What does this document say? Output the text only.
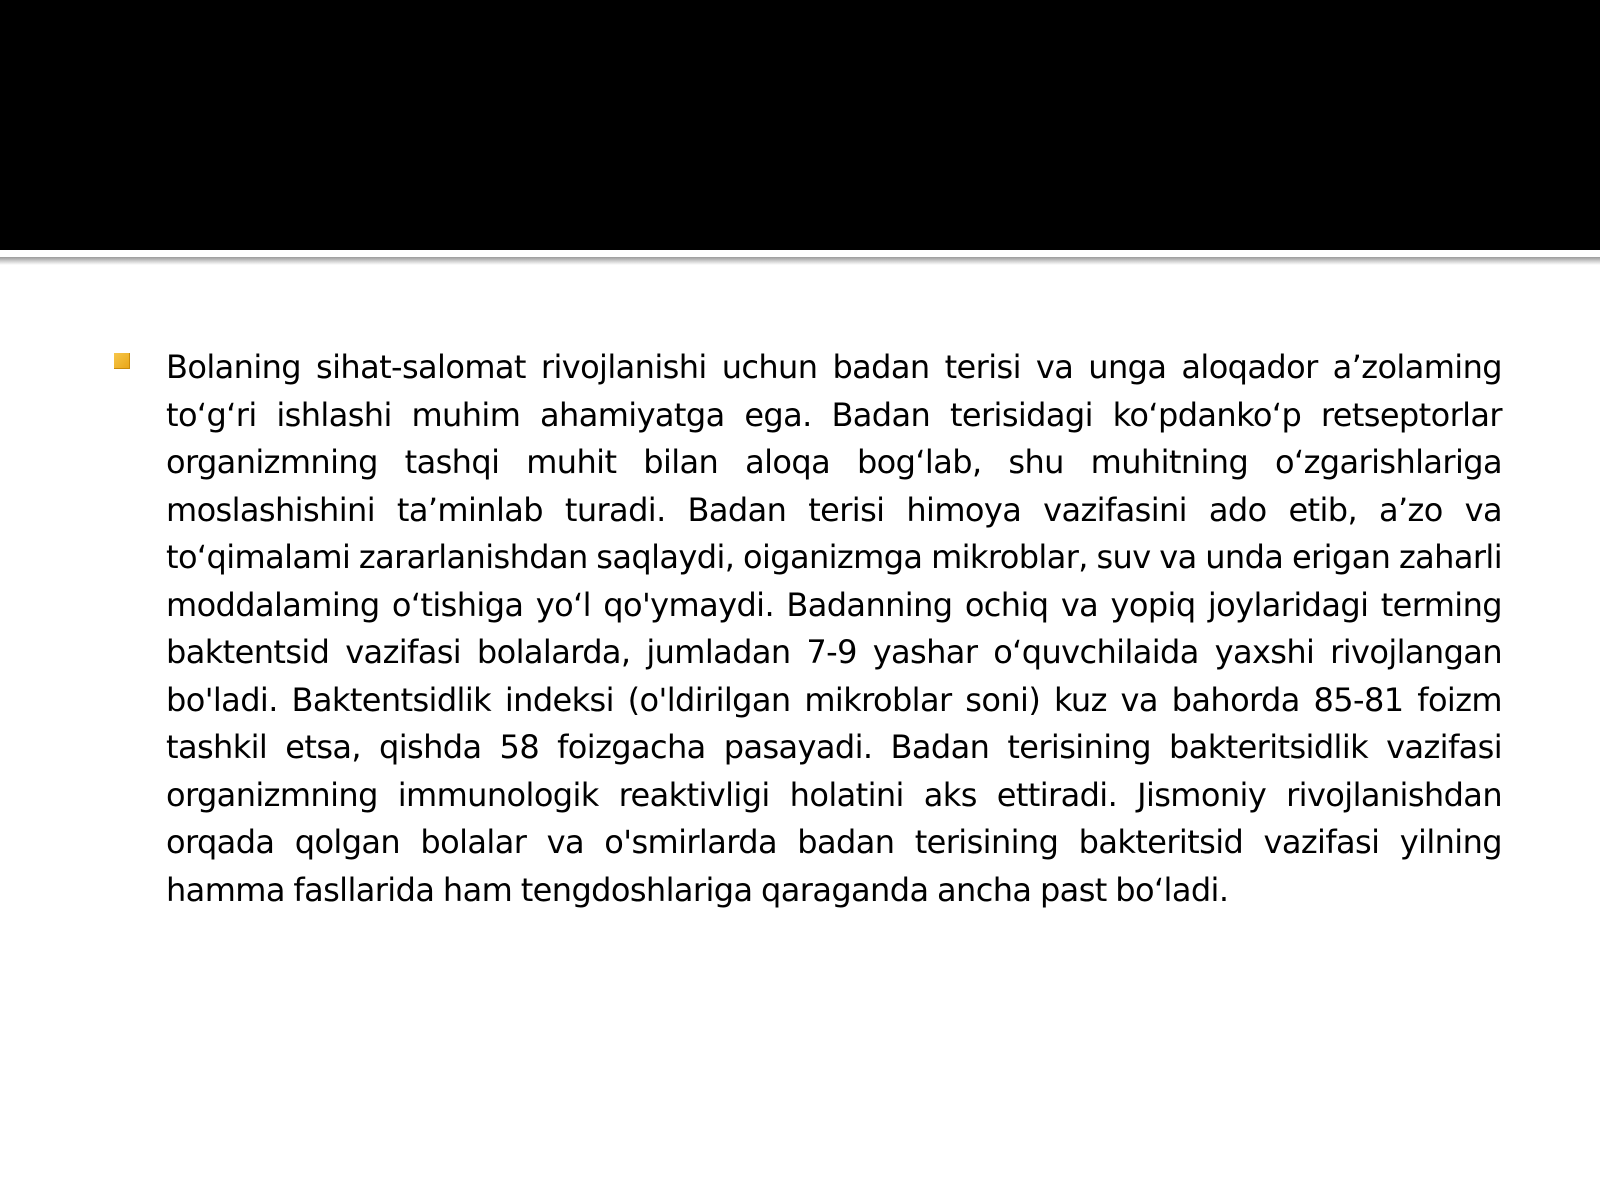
Bolaning sihat-salomat rivojlanishi uchun badan terisi va unga aloqador a’zolaming to‘g‘ri ishlashi muhim ahamiyatga ega. Badan terisidagi ko‘pdanko‘p retseptorlar organizmning tashqi muhit bilan aloqa bog‘lab, shu muhitning o‘zgarishlariga moslashishini ta’minlab turadi. Badan terisi himoya vazifasini ado etib, a’zo va to‘qimalami zararlanishdan saqlaydi, oiganizmga mikroblar, suv va unda erigan zaharli moddalaming o‘tishiga yo‘l qo'ymaydi. Badanning ochiq va yopiq joylaridagi terming baktentsid vazifasi bolalarda, jumladan 7-9 yashar o‘quvchilaida yaxshi rivojlangan bo'ladi. Baktentsidlik indeksi (o'ldirilgan mikroblar soni) kuz va bahorda 85-81 foizm tashkil etsa, qishda 58 foizgacha pasayadi. Badan terisining bakteritsidlik vazifasi organizmning immunologik reaktivligi holatini aks ettiradi. Jismoniy rivojlanishdan orqada qolgan bolalar va o'smirlarda badan terisining bakteritsid vazifasi yilning hamma fasllarida ham tengdoshlariga qaraganda ancha past bo‘ladi.
